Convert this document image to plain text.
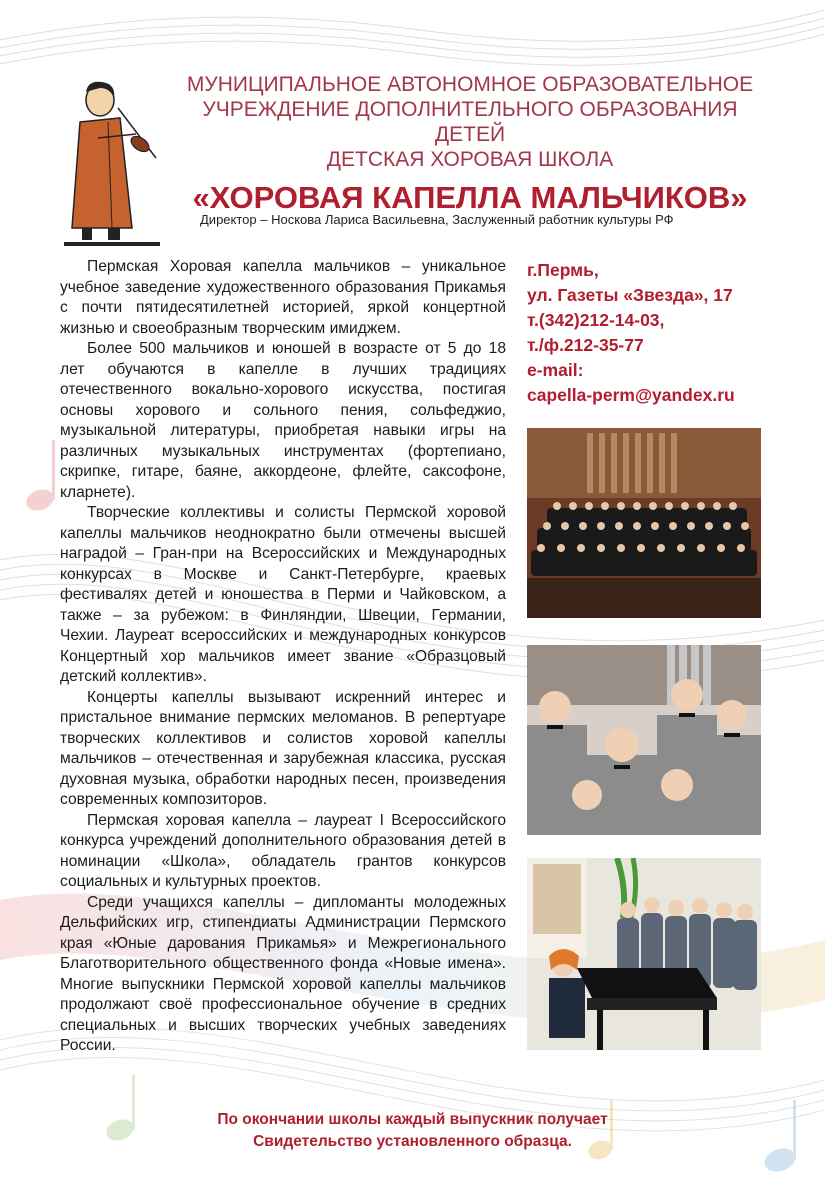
МУНИЦИПАЛЬНОЕ АВТОНОМНОЕ ОБРАЗОВАТЕЛЬНОЕ
УЧРЕЖДЕНИЕ ДОПОЛНИТЕЛЬНОГО ОБРАЗОВАНИЯ ДЕТЕЙ
ДЕТСКАЯ ХОРОВАЯ ШКОЛА
«ХОРОВАЯ КАПЕЛЛА МАЛЬЧИКОВ»
Директор – Носкова Лариса Васильевна, Заслуженный работник культуры РФ

Пермская Хоровая капелла мальчиков – уникальное учебное заведение художественного образования Прикамья с почти пятидесятилетней историей, яркой концертной жизнью и своеобразным творческим имиджем.

Более 500 мальчиков и юношей в возрасте от 5 до 18 лет обучаются в капелле в лучших традициях отечественного вокально-хорового искусства, постигая основы хорового и сольного пения, сольфеджио, музыкальной литературы, приобретая навыки игры на различных музыкальных инструментах (фортепиано, скрипке, гитаре, баяне, аккордеоне, флейте, саксофоне, кларнете).

Творческие коллективы и солисты Пермской хоровой капеллы мальчиков неоднократно были отмечены высшей наградой – Гран-при на Всероссийских и Международных конкурсах в Москве и Санкт-Петербурге, краевых фестивалях детей и юношества в Перми и Чайковском, а также – за рубежом: в Финляндии, Швеции, Германии, Чехии. Лауреат всероссийских и международных конкурсов Концертный хор мальчиков имеет звание «Образцовый детский коллектив».

Концерты капеллы вызывают искренний интерес и пристальное внимание пермских меломанов. В репертуаре творческих коллективов и солистов хоровой капеллы мальчиков – отечественная и зарубежная классика, русская духовная музыка, обработки народных песен, произведения современных композиторов.

Пермская хоровая капелла – лауреат I Всероссийского конкурса учреждений дополнительного образования детей в номинации «Школа», обладатель грантов конкурсов социальных и культурных проектов.

Среди учащихся капеллы – дипломанты молодежных Дельфийских игр, стипендиаты Администрации Пермского края «Юные дарования Прикамья» и Межрегионального Благотворительного общественного фонда «Новые имена». Многие выпускники Пермской хоровой капеллы мальчиков продолжают своё профессиональное обучение в средних специальных и высших творческих учебных заведениях России.

г.Пермь,
ул. Газеты «Звезда», 17
т.(342)212-14-03,
т./ф.212-35-77
e-mail:
capella-perm@yandex.ru
По окончании школы каждый выпускник получает
Свидетельство установленного образца.
